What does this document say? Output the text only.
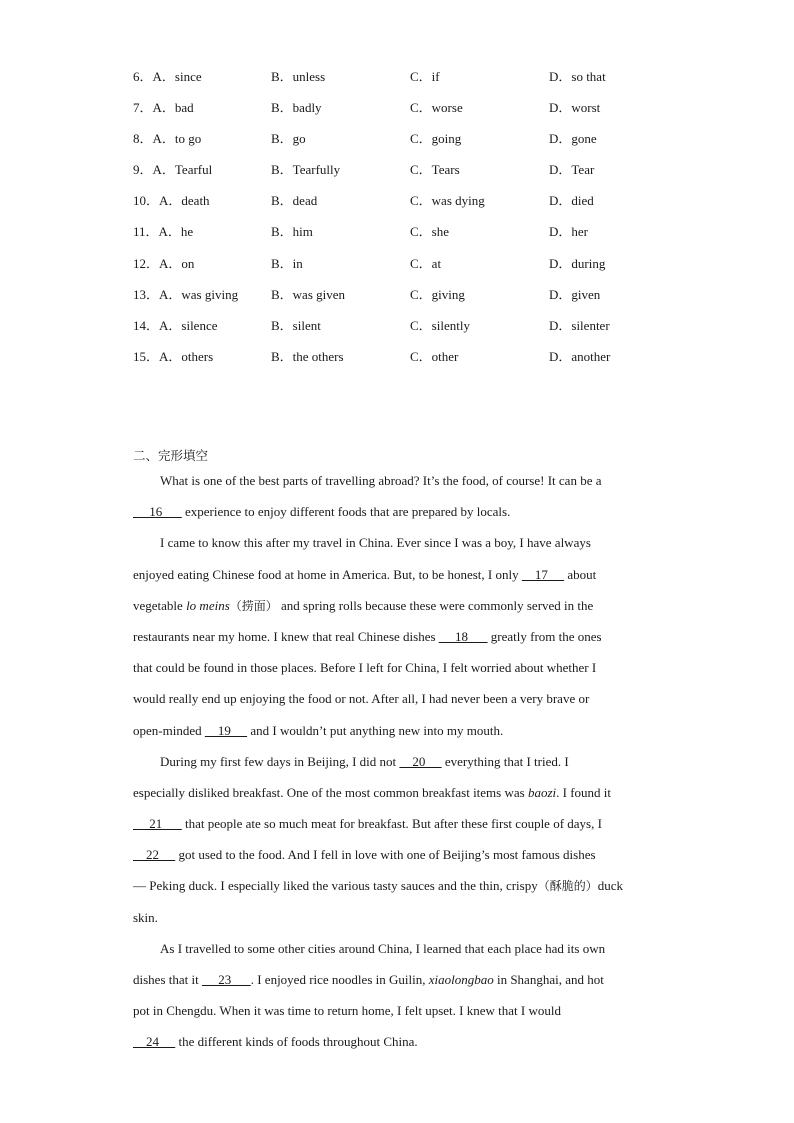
6．A．since	B．unless	C．if	D．so that
7．A．bad	B．badly	C．worse	D．worst
8．A．to go	B．go	C．going	D．gone
9．A．Tearful	B．Tearfully	C．Tears	D．Tear
10．A．death	B．dead	C．was dying	D．died
11．A．he	B．him	C．she	D．her
12．A．on	B．in	C．at	D．during
13．A．was giving	B．was given	C．giving	D．given
14．A．silence	B．silent	C．silently	D．silenter
15．A．others	B．the others	C．other	D．another
二、完形填空
What is one of the best parts of travelling abroad? It’s the food, of course! It can be a
16       experience to enjoy different foods that are prepared by locals.
I came to know this after my travel in China. Ever since I was a boy, I have always
enjoyed eating Chinese food at home in America. But, to be honest, I only     17      about
vegetable lo meins（捞面） and spring rolls because these were commonly served in the
restaurants near my home. I knew that real Chinese dishes      18       greatly from the ones
that could be found in those places. Before I left for China, I felt worried about whether I
would really end up enjoying the food or not. After all, I had never been a very brave or
open-minded     19      and I wouldn’t put anything new into my mouth.
During my first few days in Beijing, I did not     20      everything that I tried. I
especially disliked breakfast. One of the most common breakfast items was baozi. I found it
21       that people ate so much meat for breakfast. But after these first couple of days, I
22      got used to the food. And I fell in love with one of Beijing’s most famous dishes
— Peking duck. I especially liked the various tasty sauces and the thin, crispy（酥脆的）duck
skin.
As I travelled to some other cities around China, I learned that each place had its own
dishes that it      23      . I enjoyed rice noodles in Guilin, xiaolongbao in Shanghai, and hot
pot in Chengdu. When it was time to return home, I felt upset. I knew that I would
24      the different kinds of foods throughout China.
